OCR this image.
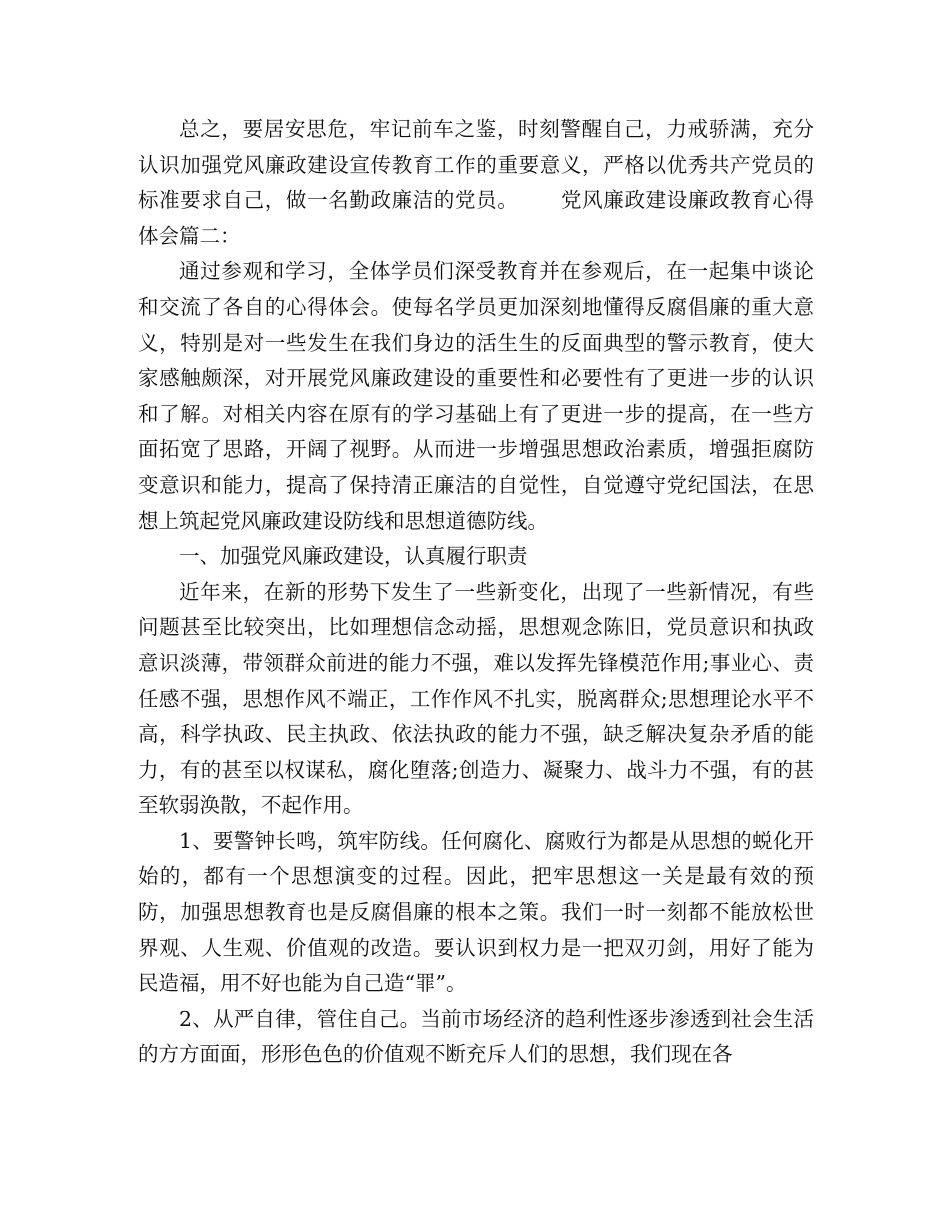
总之，要居安思危，牢记前车之鉴，时刻警醒自己，力戒骄满，充分认识加强党风廉政建设宣传教育工作的重要意义，严格以优秀共产党员的标准要求自己，做一名勤政廉洁的党员。 党风廉政建设廉政教育心得体会篇二：

通过参观和学习，全体学员们深受教育并在参观后，在一起集中谈论和交流了各自的心得体会。使每名学员更加深刻地懂得反腐倡廉的重大意义，特别是对一些发生在我们身边的活生生的反面典型的警示教育，使大家感触颇深，对开展党风廉政建设的重要性和必要性有了更进一步的认识和了解。对相关内容在原有的学习基础上有了更进一步的提高，在一些方面拓宽了思路，开阔了视野。从而进一步增强思想政治素质，增强拒腐防变意识和能力，提高了保持清正廉洁的自觉性，自觉遵守党纪国法，在思想上筑起党风廉政建设防线和思想道德防线。

一、加强党风廉政建设，认真履行职责

近年来，在新的形势下发生了一些新变化，出现了一些新情况，有些问题甚至比较突出，比如理想信念动摇，思想观念陈旧，党员意识和执政意识淡薄，带领群众前进的能力不强，难以发挥先锋模范作用;事业心、责任感不强，思想作风不端正，工作作风不扎实，脱离群众;思想理论水平不高，科学执政、民主执政、依法执政的能力不强，缺乏解决复杂矛盾的能力，有的甚至以权谋私，腐化堕落;创造力、凝聚力、战斗力不强，有的甚至软弱涣散，不起作用。

1、要警钟长鸣，筑牢防线。任何腐化、腐败行为都是从思想的蜕化开始的，都有一个思想演变的过程。因此，把牢思想这一关是最有效的预防，加强思想教育也是反腐倡廉的根本之策。我们一时一刻都不能放松世界观、人生观、价值观的改造。要认识到权力是一把双刃剑，用好了能为民造福，用不好也能为自己造“罪”。

2、从严自律，管住自己。当前市场经济的趋利性逐步渗透到社会生活的方方面面，形形色色的价值观不断充斥人们的思想，我们现在各
